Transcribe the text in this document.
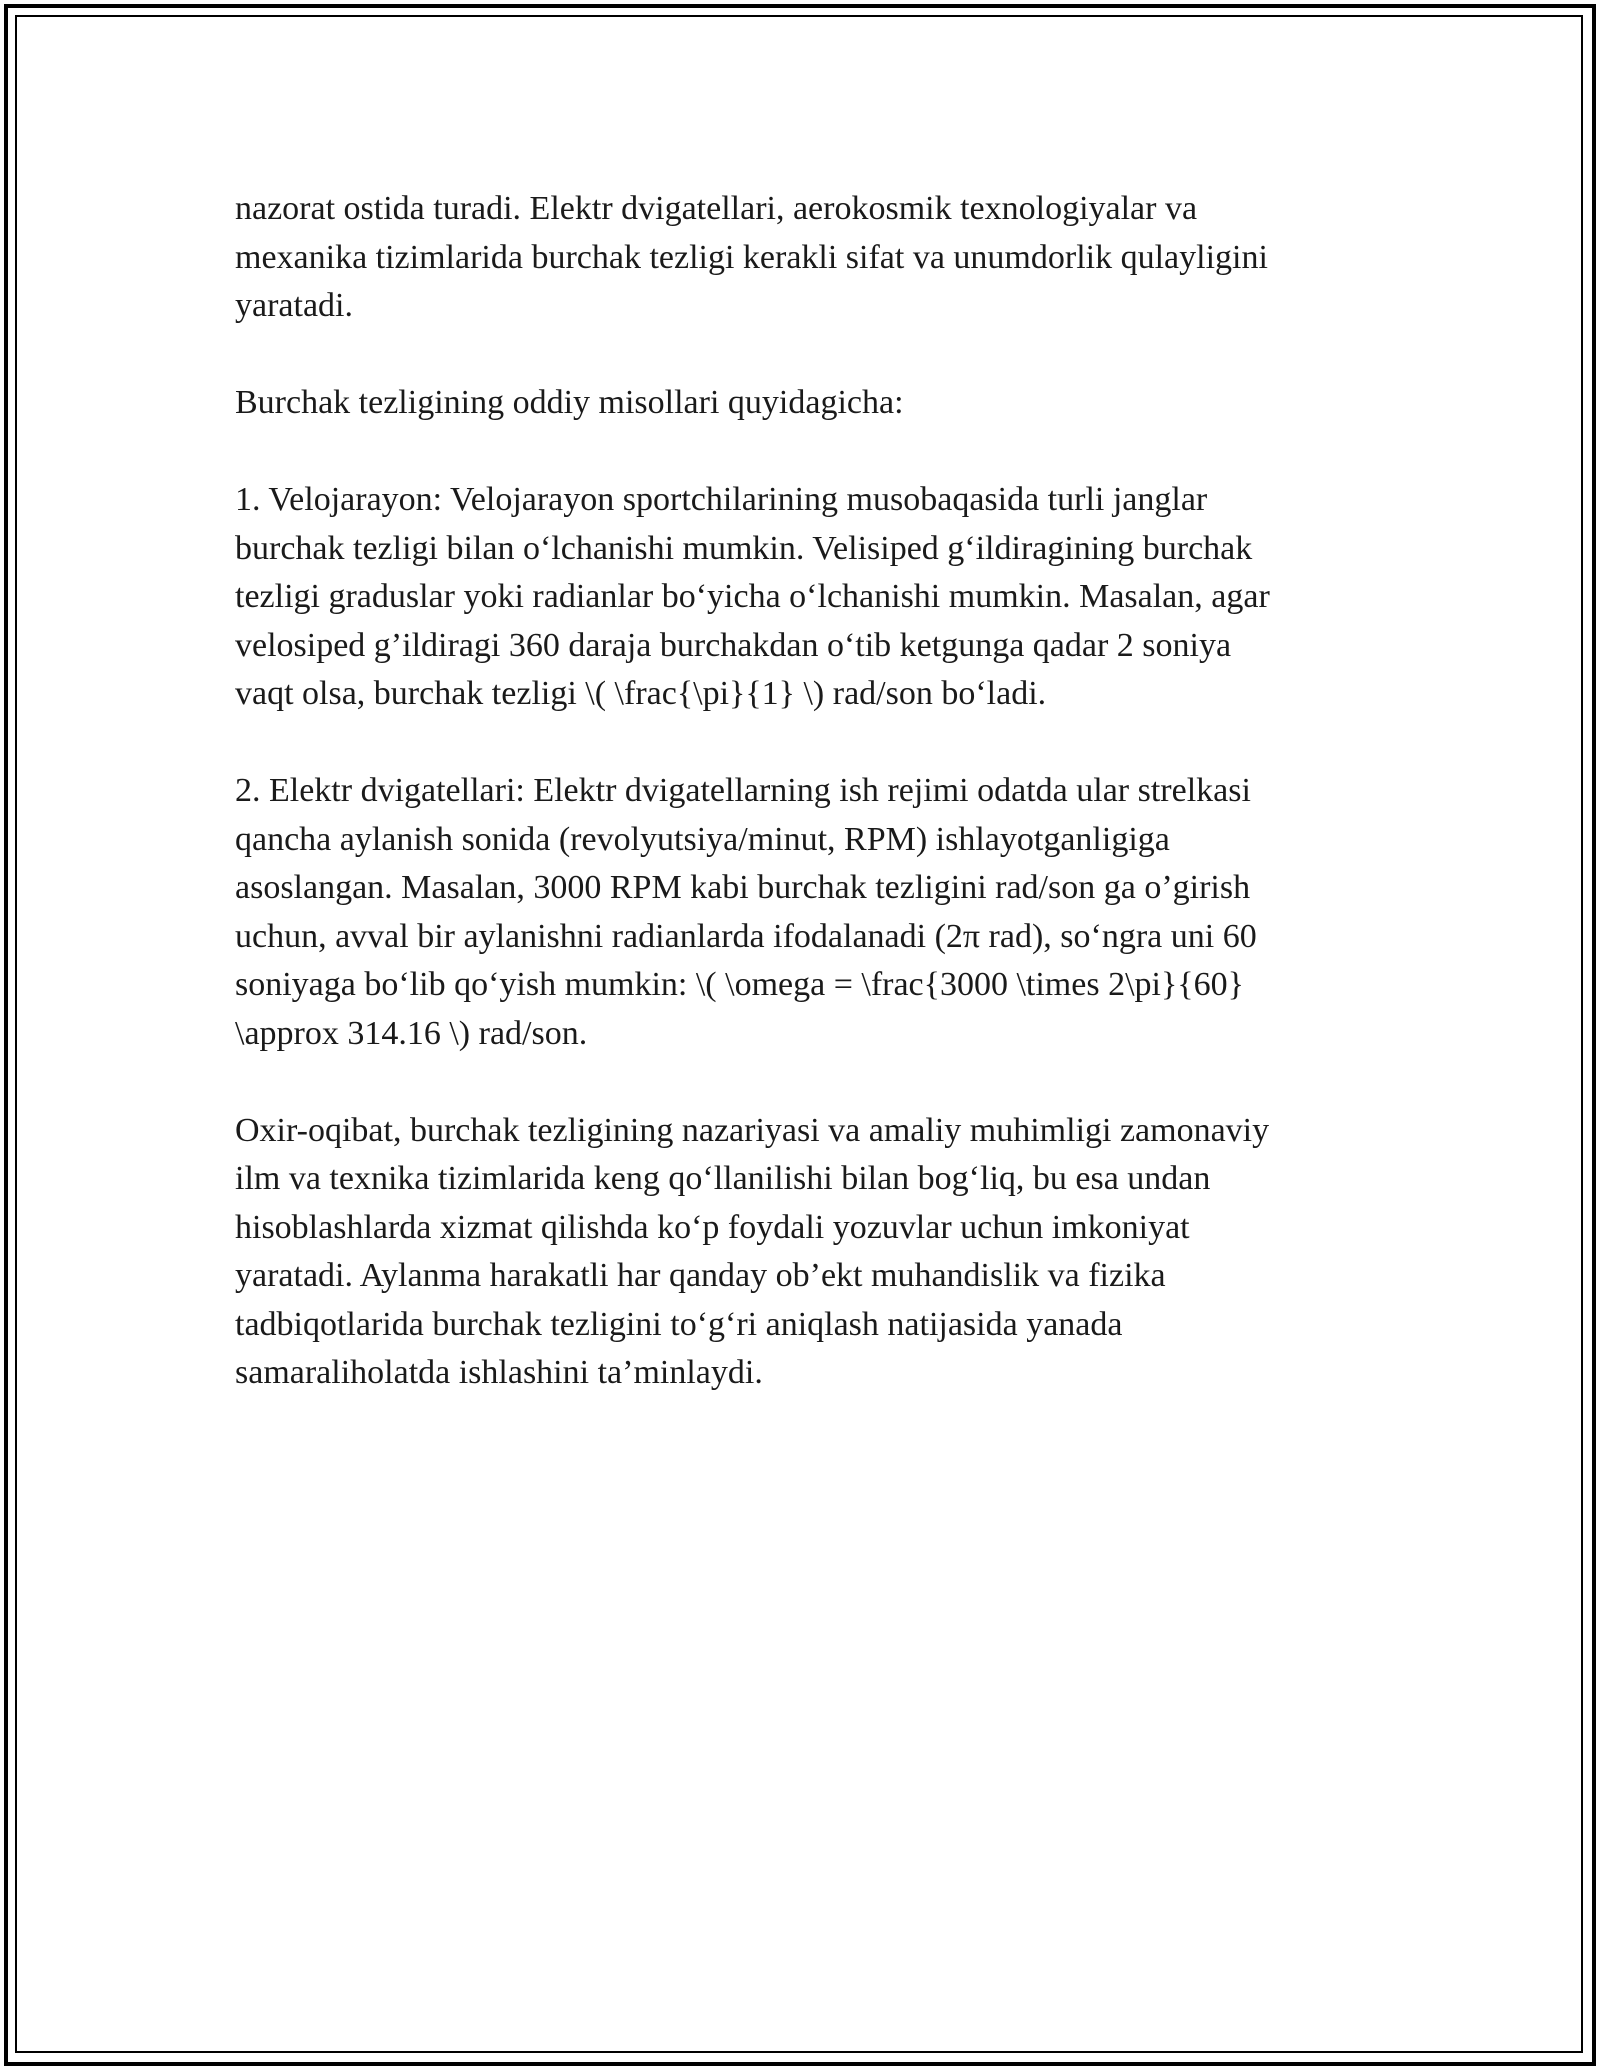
nazorat ostida turadi. Elektr dvigatellari, aerokosmik texnologiyalar va
mexanika tizimlarida burchak tezligi kerakli sifat va unumdorlik qulayligini
yaratadi.

Burchak tezligining oddiy misollari quyidagicha:

1. Velojarayon: Velojarayon sportchilarining musobaqasida turli janglar
burchak tezligi bilan o‘lchanishi mumkin. Velisiped g‘ildiragining burchak
tezligi graduslar yoki radianlar bo‘yicha o‘lchanishi mumkin. Masalan, agar
velosiped g’ildiragi 360 daraja burchakdan o‘tib ketgunga qadar 2 soniya
vaqt olsa, burchak tezligi \( \frac{\pi}{1} \) rad/son bo‘ladi.

2. Elektr dvigatellari: Elektr dvigatellarning ish rejimi odatda ular strelkasi
qancha aylanish sonida (revolyutsiya/minut, RPM) ishlayotganligiga
asoslangan. Masalan, 3000 RPM kabi burchak tezligini rad/son ga o’girish
uchun, avval bir aylanishni radianlarda ifodalanadi (2π rad), so‘ngra uni 60
soniyaga bo‘lib qo‘yish mumkin: \( \omega = \frac{3000 \times 2\pi}{60}
\approx 314.16 \) rad/son.

Oxir-oqibat, burchak tezligining nazariyasi va amaliy muhimligi zamonaviy
ilm va texnika tizimlarida keng qo‘llanilishi bilan bog‘liq, bu esa undan
hisoblashlarda xizmat qilishda ko‘p foydali yozuvlar uchun imkoniyat
yaratadi. Aylanma harakatli har qanday ob’ekt muhandislik va fizika
tadbiqotlarida burchak tezligini to‘g‘ri aniqlash natijasida yanada
samaraliholatda ishlashini ta’minlaydi.
